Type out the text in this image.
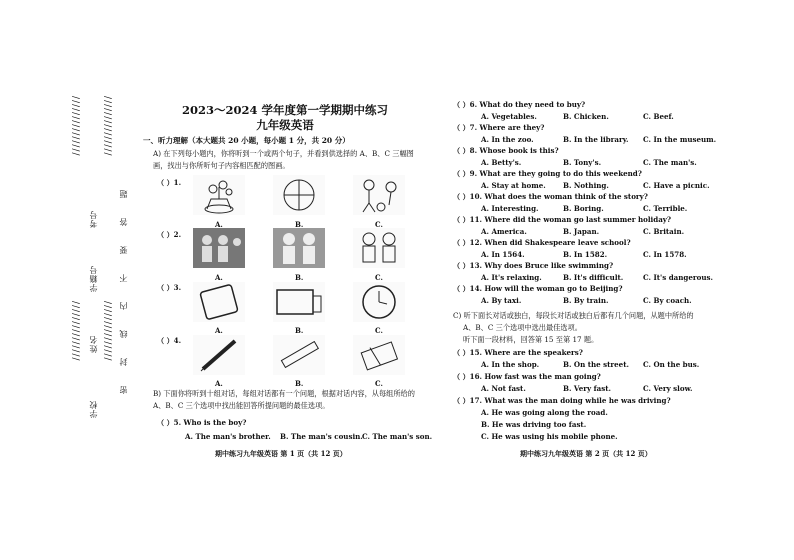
///////////////
///////////////
///////////////
///////////////
学校
姓名
学籍号
考号	密封线内不要答题
2023～2024 学年度第一学期期中练习
九年级英语
一、听力理解（本大题共 20 小题，每小题 1 分，共 20 分）
A) 在下列每小题内，你将听到一个或两个句子，并看到供选择的 A、B、C 三幅图画，找出与你所听句子内容相匹配的图画。
（ ）1.
（ ）2.
（ ）3.
（ ）4.
A.	B.	C.
A.	B.	C.
A.	B.	C.
A.	B.	C.
B) 下面你将听到十组对话，每组对话都有一个问题，根据对话内容，从每组所给的 A、B、C 三个选项中找出能回答所提问题的最佳选项。
（ ）5. Who is the boy?
A. The man's brother. B. The man's cousin. C. The man's son.
期中练习九年级英语 第 1 页（共 12 页）
（ ）6. What do they need to buy?
A. Vegetables.	B. Chicken.	C. Beef.
（ ）7. Where are they?
A. In the zoo.	B. In the library. C. In the museum.
（ ）8. Whose book is this?
A. Betty's.	B. Tony's.	C. The man's.
（ ）9. What are they going to do this weekend?
A. Stay at home. B. Nothing.	C. Have a picnic.
（ ）10. What does the woman think of the story?
A. Interesting.	B. Boring.	C. Terrible.
（ ）11. Where did the woman go last summer holiday?
A. America.	B. Japan.	C. Britain.
（ ）12. When did Shakespeare leave school?
A. In 1564.	B. In 1582.	C. In 1578.
（ ）13. Why does Bruce like swimming?
A. It's relaxing.	B. It's difficult.	C. It's dangerous.
（ ）14. How will the woman go to Beijing?
A. By taxi.	B. By train.	C. By coach.
C) 听下面长对话或独白，每段长对话或独白后都有几个问题，从题中所给的
A、B、C 三个选项中选出最佳选项。
听下面一段材料，回答第 15 至第 17 题。
（ ）15. Where are the speakers?
A. In the shop.	B. On the street. C. On the bus.
（ ）16. How fast was the man going?
A. Not fast.	B. Very fast.	C. Very slow.
（ ）17. What was the man doing while he was driving?
A. He was going along the road.
B. He was driving too fast.
C. He was using his mobile phone.
期中练习九年级英语 第 2 页（共 12 页）
